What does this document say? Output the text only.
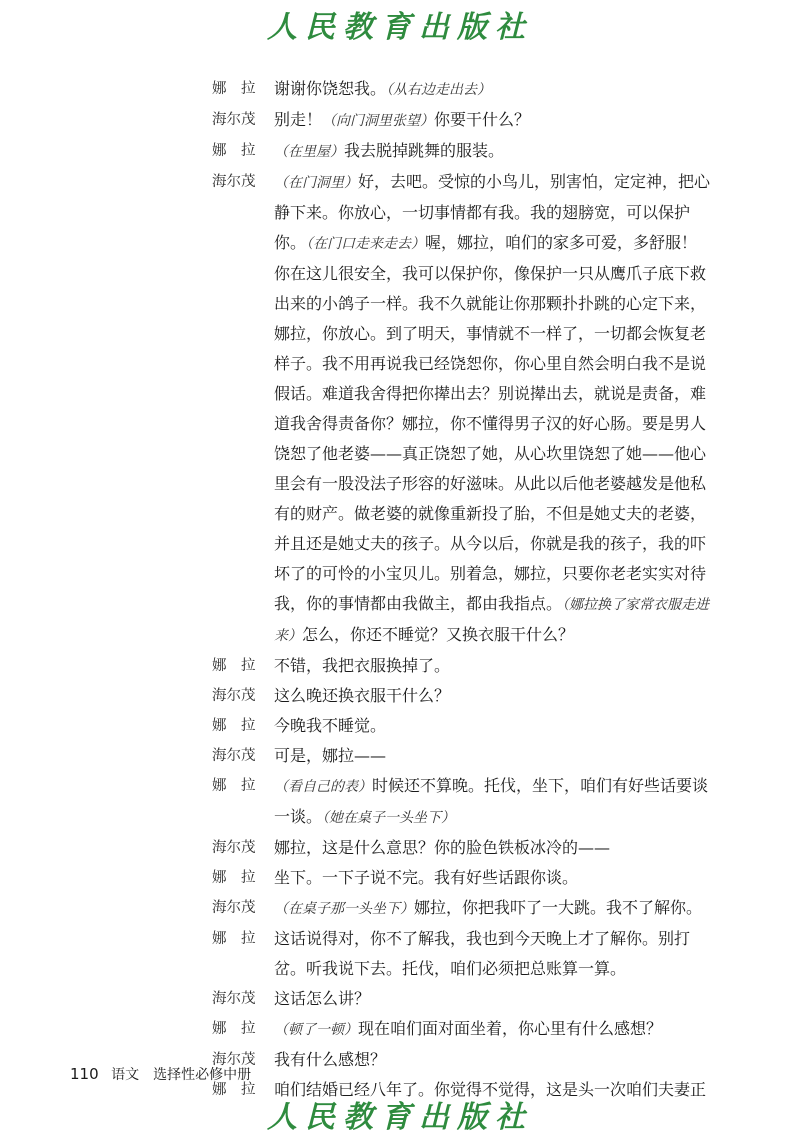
人民教育出版社
娜　拉	谢谢你饶恕我。（从右边走出去）
海尔茂	别走！（向门洞里张望）你要干什么？
娜　拉	（在里屋）我去脱掉跳舞的服装。
海尔茂	（在门洞里）好，去吧。受惊的小鸟儿，别害怕，定定神，把心静下来。你放心，一切事情都有我。我的翅膀宽，可以保护你。（在门口走来走去）喔，娜拉，咱们的家多可爱，多舒服！你在这儿很安全，我可以保护你，像保护一只从鹰爪子底下救出来的小鸽子一样。我不久就能让你那颗扑扑跳的心定下来，娜拉，你放心。到了明天，事情就不一样了，一切都会恢复老样子。我不用再说我已经饶恕你，你心里自然会明白我不是说假话。难道我舍得把你撵出去？别说撵出去，就说是责备，难道我舍得责备你？娜拉，你不懂得男子汉的好心肠。要是男人饶恕了他老婆——真正饶恕了她，从心坎里饶恕了她——他心里会有一股没法子形容的好滋味。从此以后他老婆越发是他私有的财产。做老婆的就像重新投了胎，不但是她丈夫的老婆，并且还是她丈夫的孩子。从今以后，你就是我的孩子，我的吓坏了的可怜的小宝贝儿。别着急，娜拉，只要你老老实实对待我，你的事情都由我做主，都由我指点。（娜拉换了家常衣服走进来）怎么，你还不睡觉？又换衣服干什么？
娜　拉	不错，我把衣服换掉了。
海尔茂	这么晚还换衣服干什么？
娜　拉	今晚我不睡觉。
海尔茂	可是，娜拉——
娜　拉	（看自己的表）时候还不算晚。托伐，坐下，咱们有好些话要谈一谈。（她在桌子一头坐下）
海尔茂	娜拉，这是什么意思？你的脸色铁板冰冷的——
娜　拉	坐下。一下子说不完。我有好些话跟你谈。
海尔茂	（在桌子那一头坐下）娜拉，你把我吓了一大跳。我不了解你。
娜　拉	这话说得对，你不了解我，我也到今天晚上才了解你。别打岔。听我说下去。托伐，咱们必须把总账算一算。
海尔茂	这话怎么讲？
娜　拉	（顿了一顿）现在咱们面对面坐着，你心里有什么感想？
海尔茂	我有什么感想？
娜　拉	咱们结婚已经八年了。你觉得不觉得，这是头一次咱们夫妻正
110 语文　选择性必修中册
人民教育出版社
